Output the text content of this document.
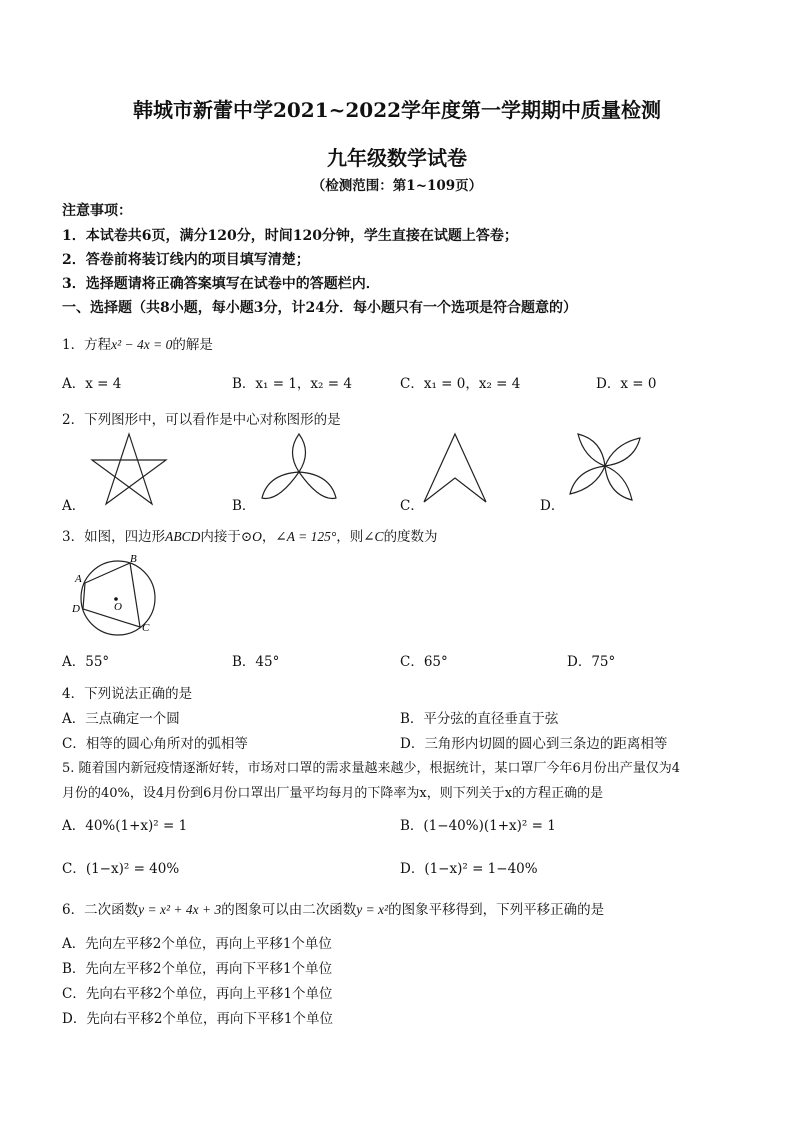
韩城市新蕾中学2021~2022学年度第一学期期中质量检测
九年级数学试卷
（检测范围：第1~109页）
注意事项：
1．本试卷共6页，满分120分，时间120分钟，学生直接在试题上答卷；
2．答卷前将装订线内的项目填写清楚；
3．选择题请将正确答案填写在试卷中的答题栏内．
一、选择题（共8小题，每小题3分，计24分．每小题只有一个选项是符合题意的）
1．方程x² − 4x = 0的解是
A．x = 4	B．x₁ = 1，x₂ = 4	C．x₁ = 0，x₂ = 4	D．x = 0
2．下列图形中，可以看作是中心对称图形的是
A．	B．	C．	D．
3．如图，四边形ABCD内接于⊙O，∠A = 125°，则∠C的度数为
A
B
C
D	O
A．55°	B．45°	C．65°	D．75°
4．下列说法正确的是
A．三点确定一个圆	B．平分弦的直径垂直于弦
C．相等的圆心角所对的弧相等	D．三角形内切圆的圆心到三条边的距离相等
5. 随着国内新冠疫情逐渐好转，市场对口罩的需求量越来越少，根据统计，某口罩厂今年6月份出产量仅为4
月份的40%，设4月份到6月份口罩出厂量平均每月的下降率为x，则下列关于x的方程正确的是
A．40%(1+x)² = 1	B．(1−40%)(1+x)² = 1
C．(1−x)² = 40%	D．(1−x)² = 1−40%
6．二次函数y = x² + 4x + 3的图象可以由二次函数y = x²的图象平移得到，下列平移正确的是
A．先向左平移2个单位，再向上平移1个单位
B．先向左平移2个单位，再向下平移1个单位
C．先向右平移2个单位，再向上平移1个单位
D．先向右平移2个单位，再向下平移1个单位
